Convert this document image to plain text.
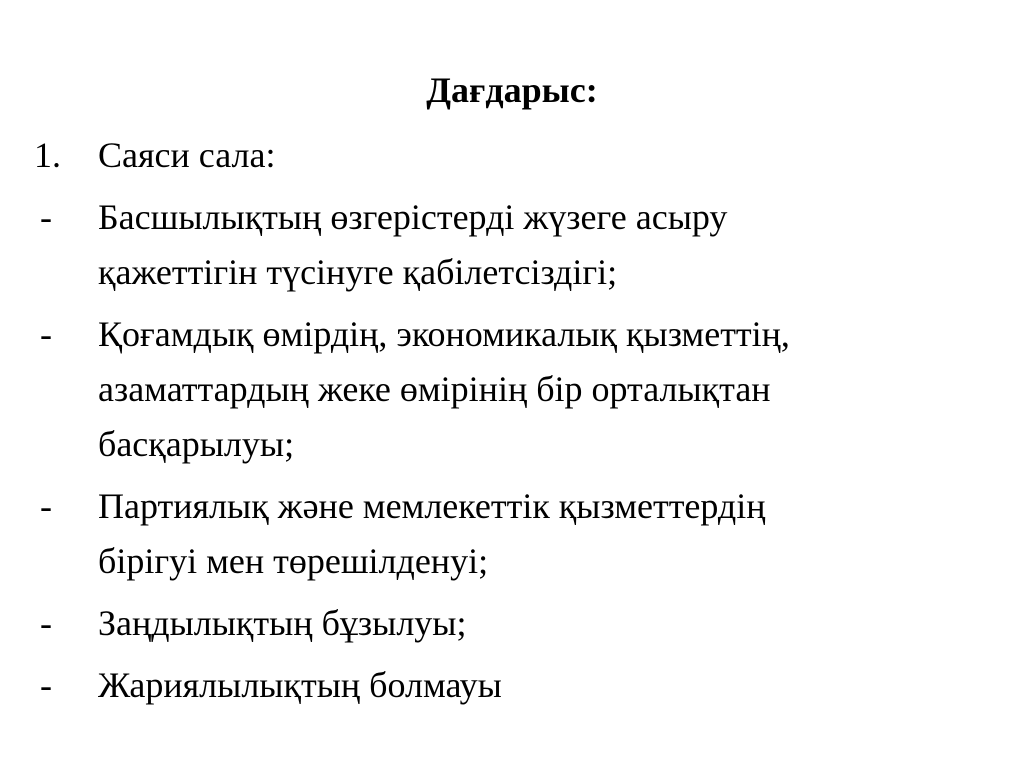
Дағдарыс:
1.	Саяси сала:
-	Басшылықтың өзгерістерді жүзеге асыру
қажеттігін түсінуге қабілетсіздігі;
-	Қоғамдық өмірдің, экономикалық қызметтің,
азаматтардың жеке өмірінің бір орталықтан
басқарылуы;
-	Партиялық және мемлекеттік қызметтердің
бірігуі мен төрешілденуі;
-	Заңдылықтың бұзылуы;
-	Жариялылықтың болмауы
